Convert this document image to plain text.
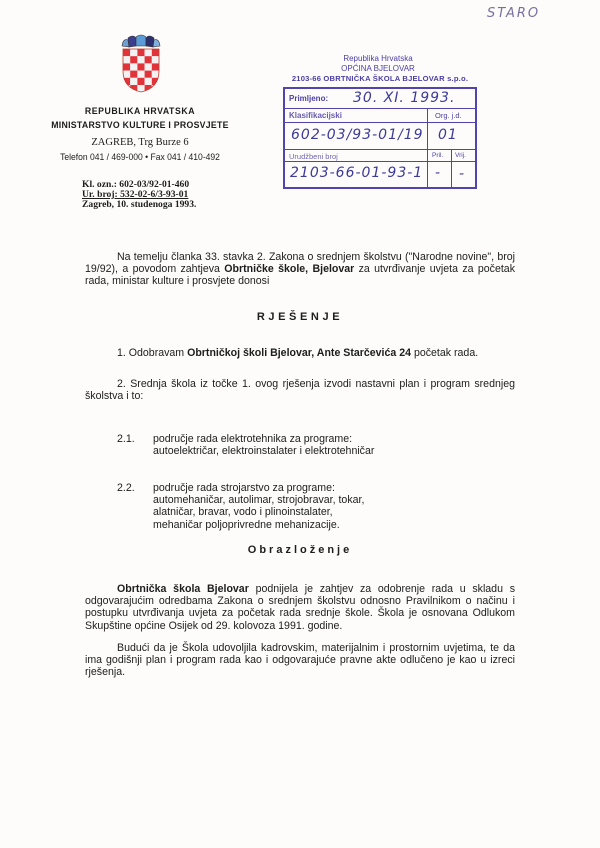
STARO
REPUBLIKA HRVATSKA
MINISTARSTVO KULTURE I PROSVJETE
ZAGREB, Trg Burze 6
Telefon 041 / 469-000 • Fax 041 / 410-492
Kl. ozn.: 602-03/92-01-460
Ur. broj: 532-02-6/3-93-01
Zagreb, 10. studenoga 1993.
Republika Hrvatska
OPĆINA BJELOVAR
2103-66 OBRTNIČKA ŠKOLA BJELOVAR s.p.o.
Primljeno: 30. XI. 1993.
Klasifikacijski	Org. j.d.
602-03/93-01/19 01
Urudžbeni broj	Pril. Vrij.
2103-66-01-93-1 - -
Na temelju članka 33. stavka 2. Zakona o srednjem školstvu ("Narodne novine", broj 19/92), a povodom zahtjeva Obrtničke škole, Bjelovar za utvrđivanje uvjeta za početak rada, ministar kulture i prosvjete donosi
RJEŠENJE
1. Odobravam Obrtničkoj školi Bjelovar, Ante Starčevića 24 početak rada.
2. Srednja škola iz točke 1. ovog rješenja izvodi nastavni plan i program srednjeg školstva i to:
2.1.	područje rada elektrotehnika za programe:
autoelektričar, elektroinstalater i elektrotehničar
2.2.	područje rada strojarstvo za programe:
automehaničar, autolimar, strojobravar, tokar,
alatničar, bravar, vodo i plinoinstalater,
mehaničar poljoprivredne mehanizacije.
Obrazloženje
Obrtnička škola Bjelovar podnijela je zahtjev za odobrenje rada u skladu s odgovarajućim odredbama Zakona o srednjem školstvu odnosno Pravilnikom o načinu i postupku utvrđivanja uvjeta za početak rada srednje škole. Škola je osnovana Odlukom Skupštine općine Osijek od 29. kolovoza 1991. godine.
Budući da je Škola udovoljila kadrovskim, materijalnim i prostornim uvjetima, te da ima godišnji plan i program rada kao i odgovarajuće pravne akte odlučeno je kao u izreci rješenja.
